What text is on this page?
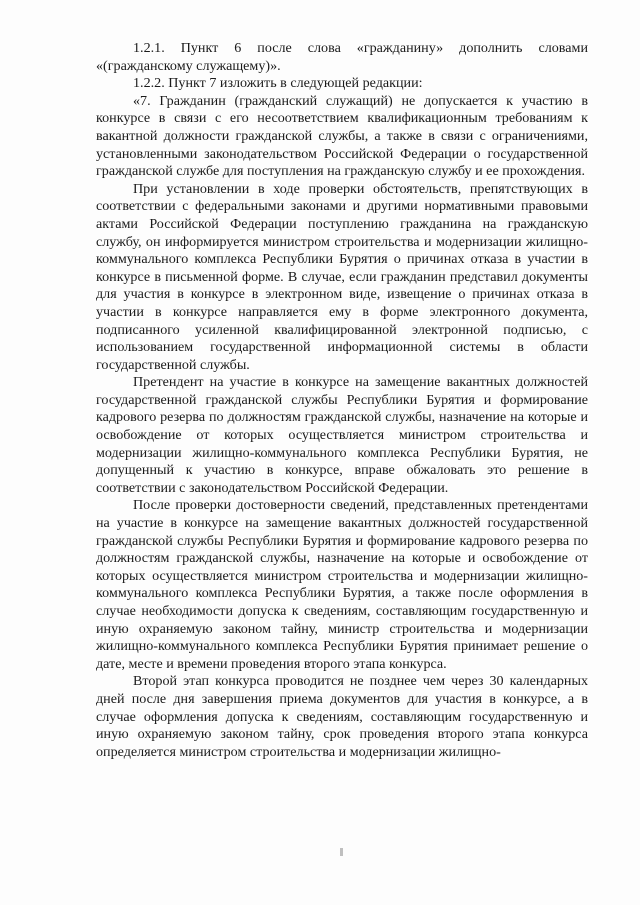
1.2.1. Пункт 6 после слова «гражданину» дополнить словами «(гражданскому служащему)».

1.2.2. Пункт 7 изложить в следующей редакции:

«7. Гражданин (гражданский служащий) не допускается к участию в конкурсе в связи с его несоответствием квалификационным требованиям к вакантной должности гражданской службы, а также в связи с ограничениями, установленными законодательством Российской Федерации о государственной гражданской службе для поступления на гражданскую службу и ее прохождения.

При установлении в ходе проверки обстоятельств, препятствующих в соответствии с федеральными законами и другими нормативными правовыми актами Российской Федерации поступлению гражданина на гражданскую службу, он информируется министром строительства и модернизации жилищно-коммунального комплекса Республики Бурятия о причинах отказа в участии в конкурсе в письменной форме. В случае, если гражданин представил документы для участия в конкурсе в электронном виде, извещение о причинах отказа в участии в конкурсе направляется ему в форме электронного документа, подписанного усиленной квалифицированной электронной подписью, с использованием государственной информационной системы в области государственной службы.

Претендент на участие в конкурсе на замещение вакантных должностей государственной гражданской службы Республики Бурятия и формирование кадрового резерва по должностям гражданской службы, назначение на которые и освобождение от которых осуществляется министром строительства и модернизации жилищно-коммунального комплекса Республики Бурятия, не допущенный к участию в конкурсе, вправе обжаловать это решение в соответствии с законодательством Российской Федерации.

После проверки достоверности сведений, представленных претендентами на участие в конкурсе на замещение вакантных должностей государственной гражданской службы Республики Бурятия и формирование кадрового резерва по должностям гражданской службы, назначение на которые и освобождение от которых осуществляется министром строительства и модернизации жилищно-коммунального комплекса Республики Бурятия, а также после оформления в случае необходимости допуска к сведениям, составляющим государственную и иную охраняемую законом тайну, министр строительства и модернизации жилищно-коммунального комплекса Республики Бурятия принимает решение о дате, месте и времени проведения второго этапа конкурса.

Второй этап конкурса проводится не позднее чем через 30 календарных дней после дня завершения приема документов для участия в конкурсе, а в случае оформления допуска к сведениям, составляющим государственную и иную охраняемую законом тайну, срок проведения второго этапа конкурса определяется министром строительства и модернизации жилищно-
